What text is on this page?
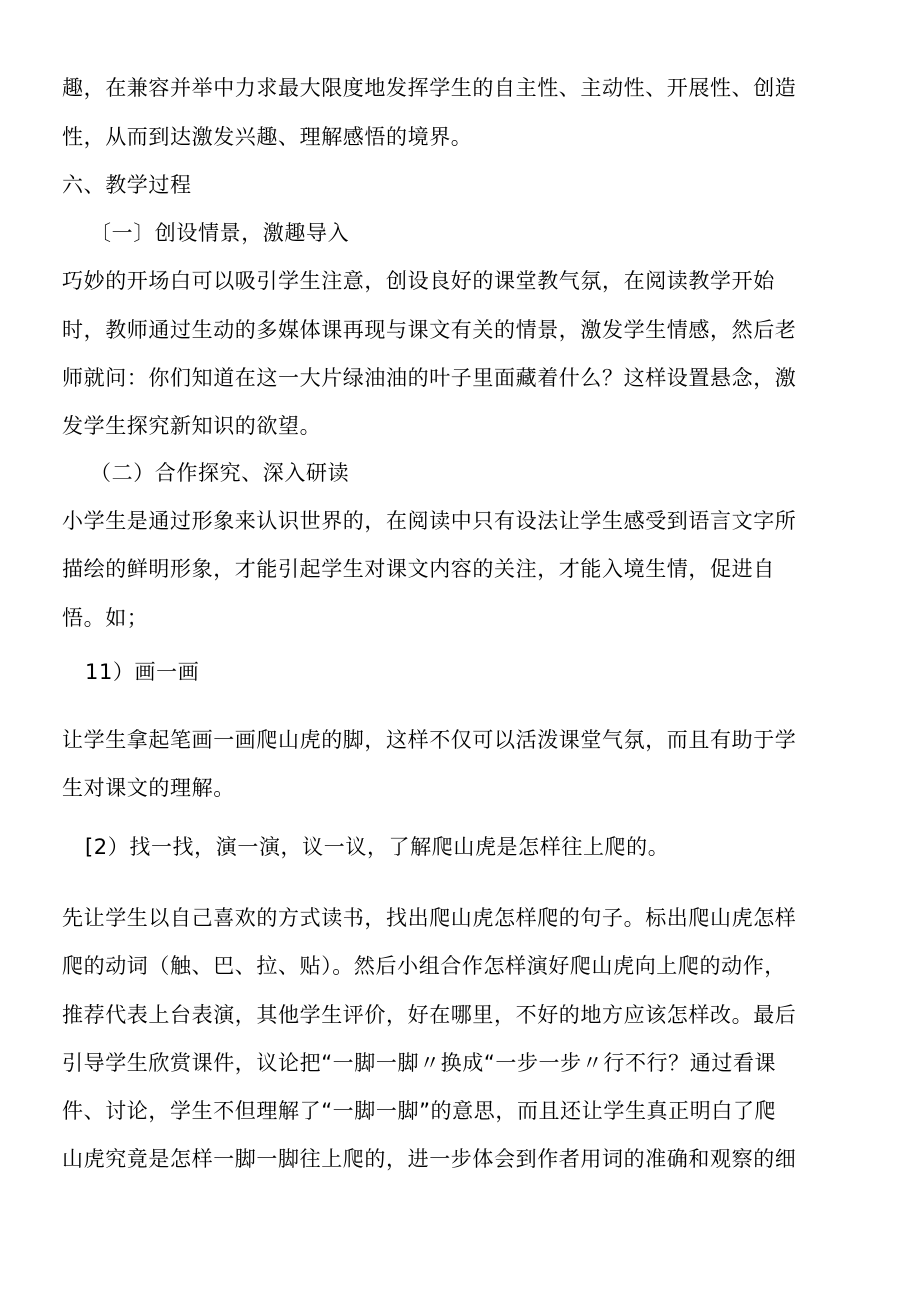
趣，在兼容并举中力求最大限度地发挥学生的自主性、主动性、开展性、创造
性，从而到达激发兴趣、理解感悟的境界。
六、教学过程
〔一〕创设情景，激趣导入
巧妙的开场白可以吸引学生注意，创设良好的课堂教气氛，在阅读教学开始
时，教师通过生动的多媒体课再现与课文有关的情景，激发学生情感，然后老
师就问：你们知道在这一大片绿油油的叶子里面藏着什么？这样设置悬念，激
发学生探究新知识的欲望。
（二）合作探究、深入研读
小学生是通过形象来认识世界的，在阅读中只有设法让学生感受到语言文字所
描绘的鲜明形象，才能引起学生对课文内容的关注，才能入境生情，促进自
悟。如；
11）画一画
让学生拿起笔画一画爬山虎的脚，这样不仅可以活泼课堂气氛，而且有助于学
生对课文的理解。
[2）找一找，演一演，议一议，了解爬山虎是怎样往上爬的。
先让学生以自己喜欢的方式读书，找出爬山虎怎样爬的句子。标出爬山虎怎样
爬的动词（触、巴、拉、贴）。然后小组合作怎样演好爬山虎向上爬的动作，
推荐代表上台表演，其他学生评价，好在哪里，不好的地方应该怎样改。最后
引导学生欣赏课件，议论把“一脚一脚〃换成“一步一步〃行不行？通过看课
件、讨论，学生不但理解了“一脚一脚”的意思，而且还让学生真正明白了爬
山虎究竟是怎样一脚一脚往上爬的，进一步体会到作者用词的准确和观察的细
